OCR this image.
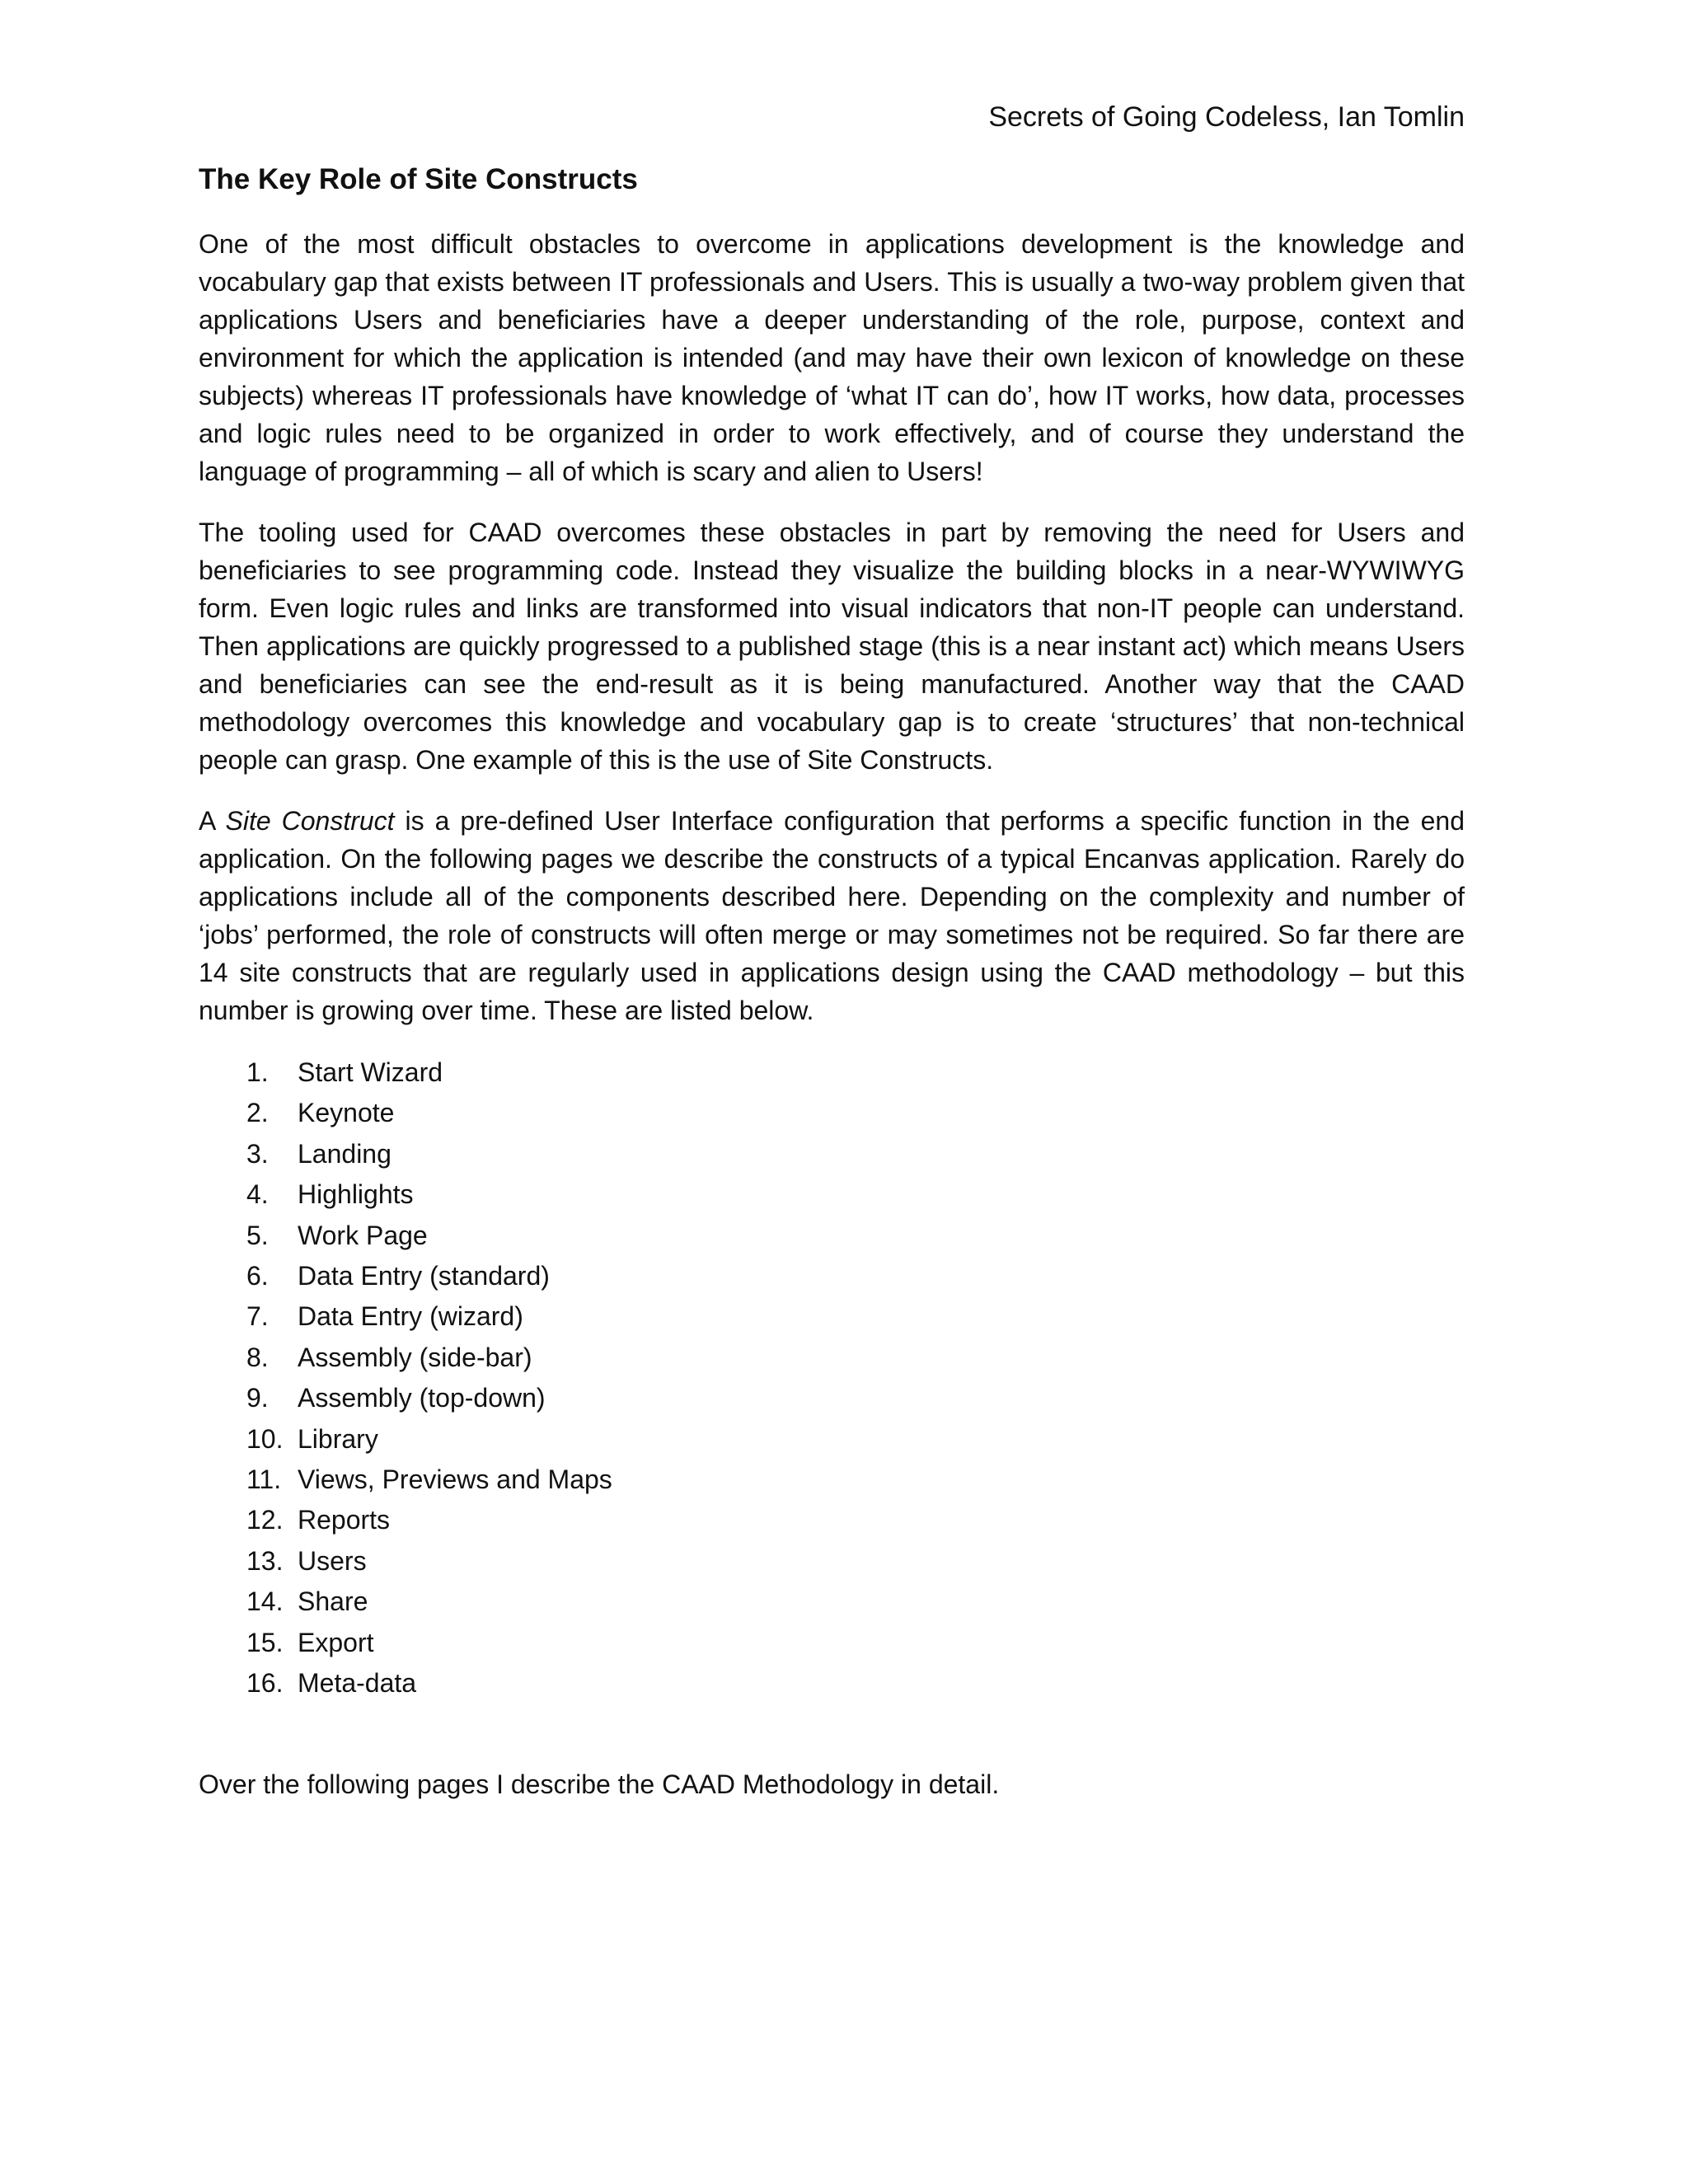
Secrets of Going Codeless, Ian Tomlin
The Key Role of Site Constructs

One of the most difficult obstacles to overcome in applications development is the knowledge and vocabulary gap that exists between IT professionals and Users. This is usually a two-way problem given that applications Users and beneficiaries have a deeper understanding of the role, purpose, context and environment for which the application is intended (and may have their own lexicon of knowledge on these subjects) whereas IT professionals have knowledge of ‘what IT can do’, how IT works, how data, processes and logic rules need to be organized in order to work effectively, and of course they understand the language of programming – all of which is scary and alien to Users!

The tooling used for CAAD overcomes these obstacles in part by removing the need for Users and beneficiaries to see programming code. Instead they visualize the building blocks in a near-WYWIWYG form. Even logic rules and links are transformed into visual indicators that non-IT people can understand. Then applications are quickly progressed to a published stage (this is a near instant act) which means Users and beneficiaries can see the end-result as it is being manufactured. Another way that the CAAD methodology overcomes this knowledge and vocabulary gap is to create ‘structures’ that non-technical people can grasp. One example of this is the use of Site Constructs.

A Site Construct is a pre-defined User Interface configuration that performs a specific function in the end application. On the following pages we describe the constructs of a typical Encanvas application. Rarely do applications include all of the components described here. Depending on the complexity and number of ‘jobs’ performed, the role of constructs will often merge or may sometimes not be required. So far there are 14 site constructs that are regularly used in applications design using the CAAD methodology – but this number is growing over time. These are listed below.

1. Start Wizard
2. Keynote
3. Landing
4. Highlights
5. Work Page
6. Data Entry (standard)
7. Data Entry (wizard)
8. Assembly (side-bar)
9. Assembly (top-down)
10. Library
11. Views, Previews and Maps
12. Reports
13. Users
14. Share
15. Export
16. Meta-data

Over the following pages I describe the CAAD Methodology in detail.
